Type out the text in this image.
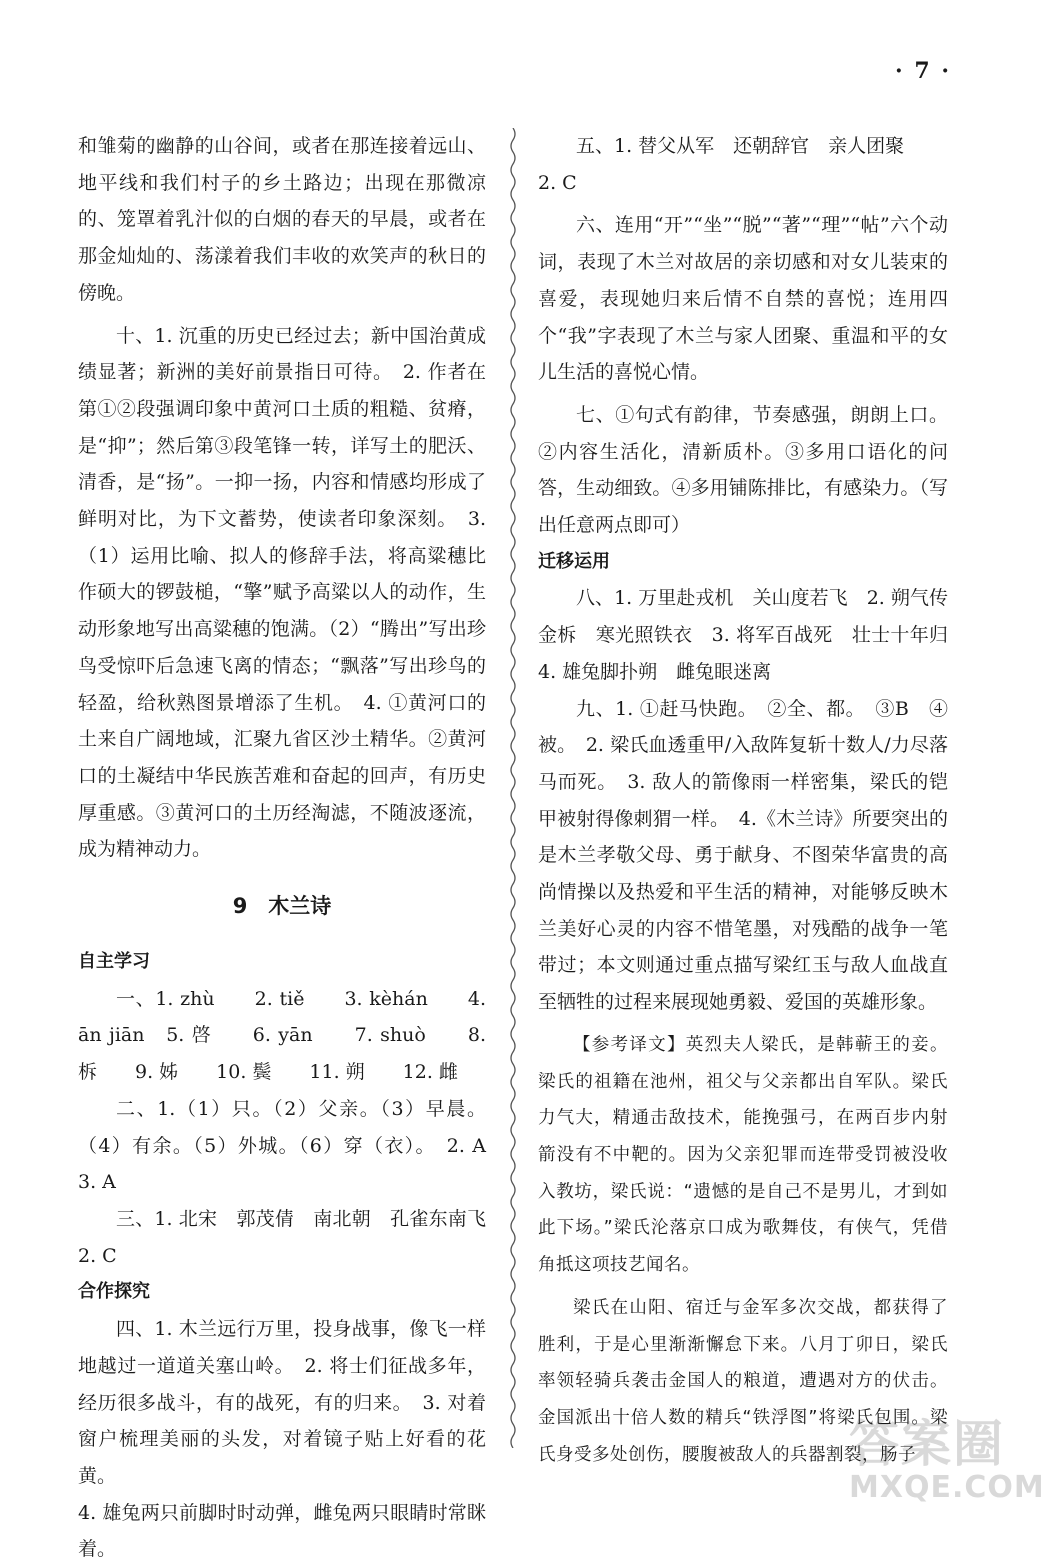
· 7 ·

和雏菊的幽静的山谷间，或者在那连接着远山、地平线和我们村子的乡土路边；出现在那微凉的、笼罩着乳汁似的白烟的春天的早晨，或者在那金灿灿的、荡漾着我们丰收的欢笑声的秋日的傍晚。

十、1. 沉重的历史已经过去；新中国治黄成绩显著；新洲的美好前景指日可待。　2. 作者在第①②段强调印象中黄河口土质的粗糙、贫瘠，是“抑”；然后第③段笔锋一转，详写土的肥沃、清香，是“扬”。一抑一扬，内容和情感均形成了鲜明对比，为下文蓄势，使读者印象深刻。　3.（1）运用比喻、拟人的修辞手法，将高粱穗比作硕大的锣鼓槌，“擎”赋予高粱以人的动作，生动形象地写出高粱穗的饱满。（2）“腾出”写出珍鸟受惊吓后急速飞离的情态；“飘落”写出珍鸟的轻盈，给秋熟图景增添了生机。　4. ①黄河口的土来自广阔地域，汇聚九省区沙土精华。②黄河口的土凝结中华民族苦难和奋起的回声，有历史厚重感。③黄河口的土历经淘滤，不随波逐流，成为精神动力。

9　木兰诗

自主学习

一、1. zhù　　2. tiě　　3. kèhán　　4. ān jiān　5. 啓　　6. yān　　7. shuò　　8. 柝　　9. 姊　　10. 鬓　　11. 朔　　12. 雌

二、1.（1）只。（2）父亲。（3）早晨。（4）有余。（5）外城。（6）穿（衣）。　2. A　3. A

三、1. 北宋　郭茂倩　南北朝　孔雀东南飞　2. C

合作探究

四、1. 木兰远行万里，投身战事，像飞一样地越过一道道关塞山岭。　2. 将士们征战多年，经历很多战斗，有的战死，有的归来。　3. 对着窗户梳理美丽的头发，对着镜子贴上好看的花黄。

4. 雄兔两只前脚时时动弹，雌兔两只眼睛时常眯着。

五、1. 替父从军　还朝辞官　亲人团聚

2. C

六、连用“开”“坐”“脱”“著”“理”“帖”六个动词，表现了木兰对故居的亲切感和对女儿装束的喜爱，表现她归来后情不自禁的喜悦；连用四个“我”字表现了木兰与家人团聚、重温和平的女儿生活的喜悦心情。

七、①句式有韵律，节奏感强，朗朗上口。②内容生活化，清新质朴。③多用口语化的问答，生动细致。④多用铺陈排比，有感染力。（写出任意两点即可）

迁移运用

八、1. 万里赴戎机　关山度若飞　2. 朔气传金柝　寒光照铁衣　3. 将军百战死　壮士十年归　4. 雄兔脚扑朔　雌兔眼迷离

九、1. ①赶马快跑。　②全、都。　③B　④被。　2. 梁氏血透重甲/入敌阵复斩十数人/力尽落马而死。　3. 敌人的箭像雨一样密集，梁氏的铠甲被射得像刺猬一样。　4.《木兰诗》所要突出的是木兰孝敬父母、勇于献身、不图荣华富贵的高尚情操以及热爱和平生活的精神，对能够反映木兰美好心灵的内容不惜笔墨，对残酷的战争一笔带过；本文则通过重点描写梁红玉与敌人血战直至牺牲的过程来展现她勇毅、爱国的英雄形象。

【参考译文】英烈夫人梁氏，是韩蕲王的妾。梁氏的祖籍在池州，祖父与父亲都出自军队。梁氏力气大，精通击敌技术，能挽强弓，在两百步内射箭没有不中靶的。因为父亲犯罪而连带受罚被没收入教坊，梁氏说：“遗憾的是自己不是男儿，才到如此下场。”梁氏沦落京口成为歌舞伎，有侠气，凭借角抵这项技艺闻名。

梁氏在山阳、宿迁与金军多次交战，都获得了胜利，于是心里渐渐懈怠下来。八月丁卯日，梁氏率领轻骑兵袭击金国人的粮道，遭遇对方的伏击。金国派出十倍人数的精兵“铁浮图”将梁氏包围。梁氏身受多处创伤，腰腹被敌人的兵器割裂，肠子

答案圈
MXQE.COM
